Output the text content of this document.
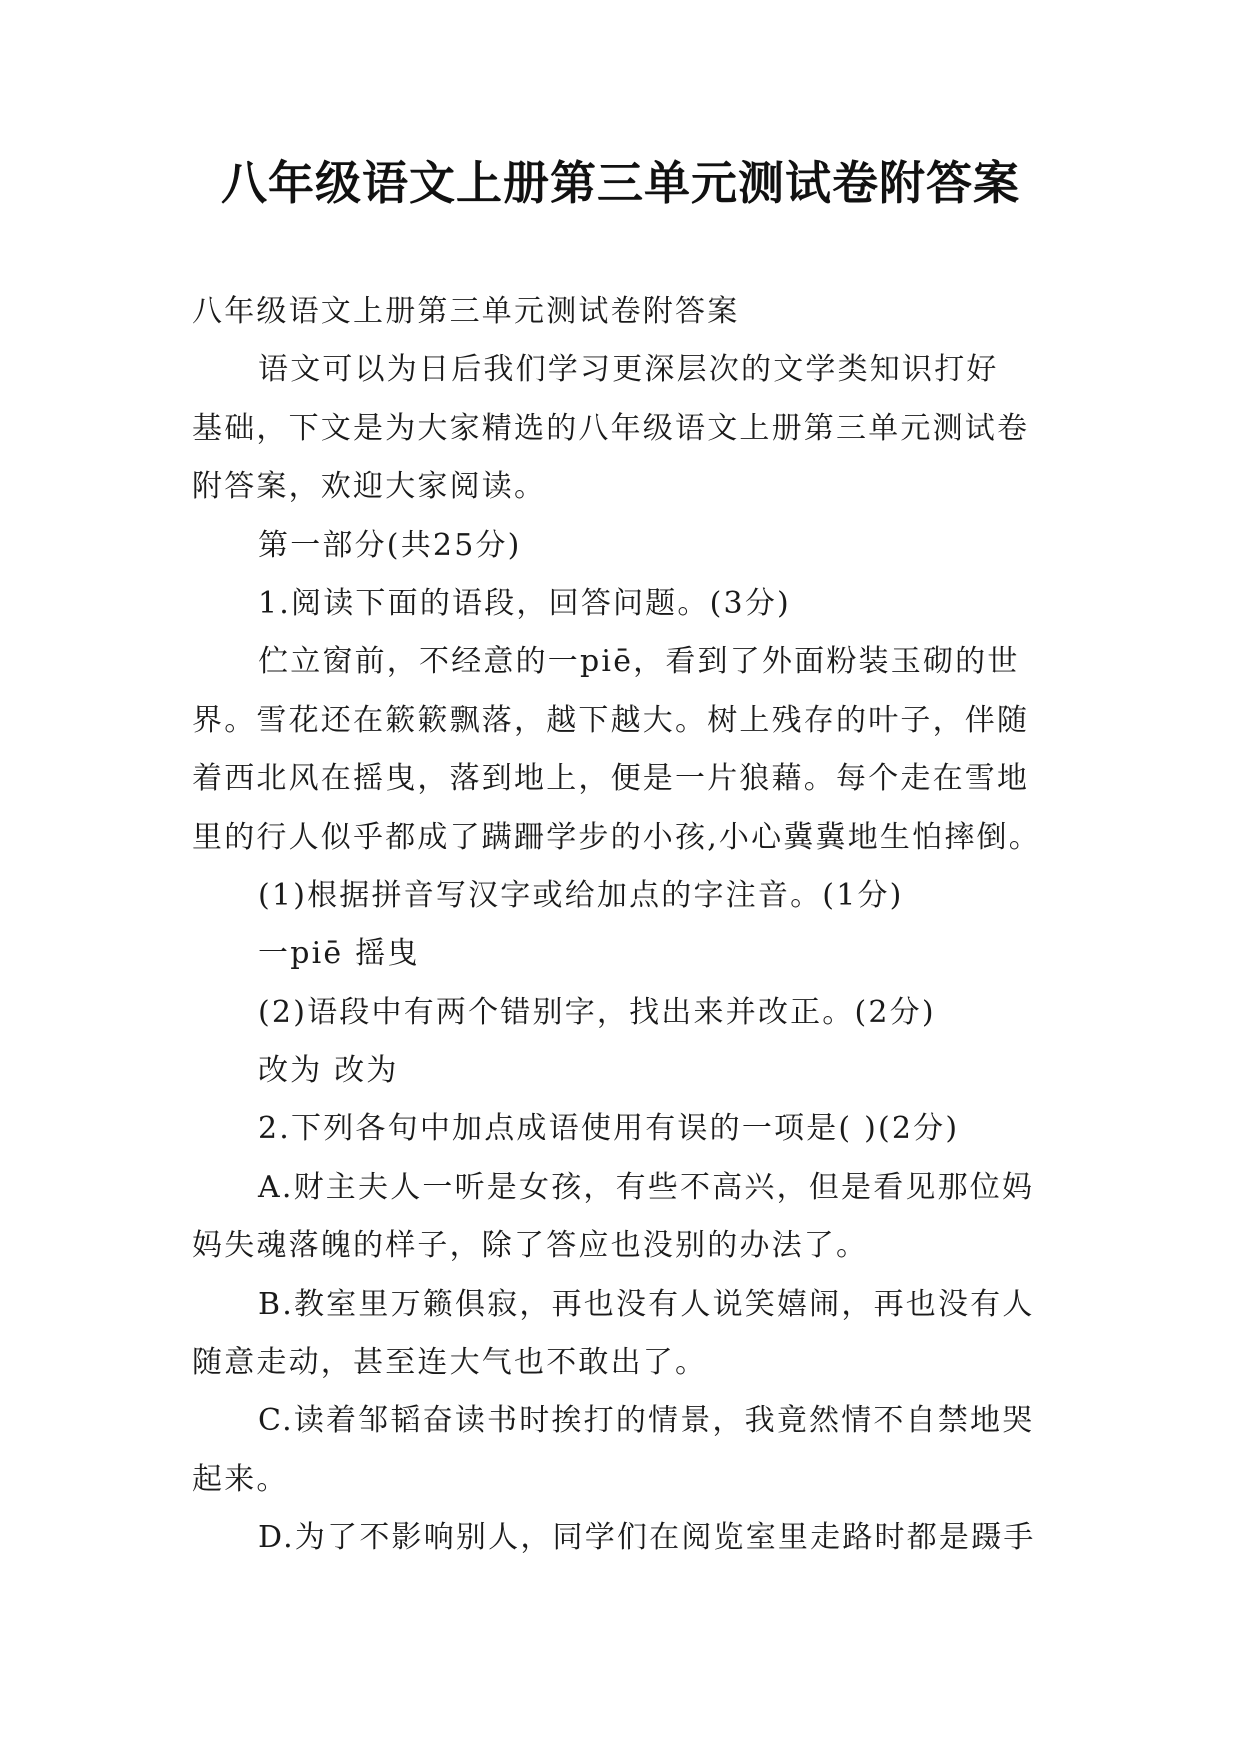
八年级语文上册第三单元测试卷附答案
八年级语文上册第三单元测试卷附答案
语文可以为日后我们学习更深层次的文学类知识打好
基础，下文是为大家精选的八年级语文上册第三单元测试卷
附答案，欢迎大家阅读。
第一部分(共25分)
1.阅读下面的语段，回答问题。(3分)
伫立窗前，不经意的一piē，看到了外面粉装玉砌的世
界。雪花还在簌簌飘落，越下越大。树上残存的叶子，伴随
着西北风在摇曳，落到地上，便是一片狼藉。每个走在雪地
里的行人似乎都成了蹒跚学步的小孩,小心冀冀地生怕摔倒。
(1)根据拼音写汉字或给加点的字注音。(1分)
一piē 摇曳
(2)语段中有两个错别字，找出来并改正。(2分)
改为 改为
2.下列各句中加点成语使用有误的一项是( )(2分)
A.财主夫人一听是女孩，有些不高兴，但是看见那位妈
妈失魂落魄的样子，除了答应也没别的办法了。
B.教室里万籁俱寂，再也没有人说笑嬉闹，再也没有人
随意走动，甚至连大气也不敢出了。
C.读着邹韬奋读书时挨打的情景，我竟然情不自禁地哭
起来。
D.为了不影响别人，同学们在阅览室里走路时都是蹑手
